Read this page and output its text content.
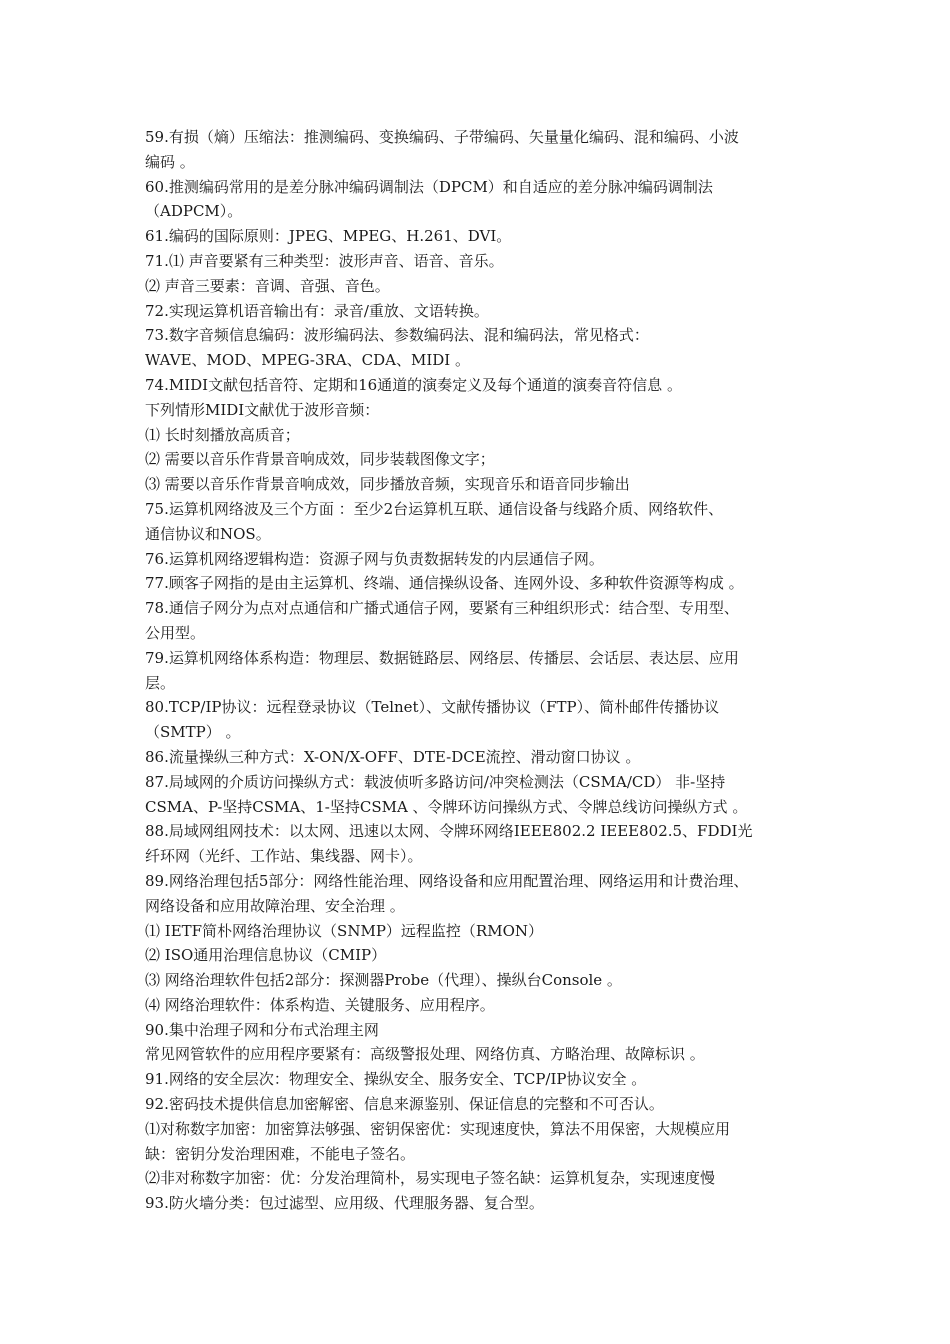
59.有损（熵）压缩法：推测编码、变换编码、子带编码、矢量量化编码、混和编码、小波
编码 。
60.推测编码常用的是差分脉冲编码调制法（DPCM）和自适应的差分脉冲编码调制法
（ADPCM）。
61.编码的国际原则：JPEG、MPEG、H.261、DVI。
71.⑴ 声音要紧有三种类型：波形声音、语音、音乐。
⑵ 声音三要素：音调、音强、音色。
72.实现运算机语音输出有：录音/重放、文语转换。
73.数字音频信息编码：波形编码法、参数编码法、混和编码法，常见格式：
WAVE、MOD、MPEG-3RA、CDA、MIDI 。
74.MIDI文献包括音符、定期和16通道的演奏定义及每个通道的演奏音符信息 。
下列情形MIDI文献优于波形音频：
⑴ 长时刻播放高质音；
⑵ 需要以音乐作背景音响成效，同步装载图像文字；
⑶ 需要以音乐作背景音响成效，同步播放音频，实现音乐和语音同步输出
75.运算机网络波及三个方面 ：至少2台运算机互联、通信设备与线路介质、网络软件、
通信协议和NOS。
76.运算机网络逻辑构造：资源子网与负责数据转发的内层通信子网。
77.顾客子网指的是由主运算机、终端、通信操纵设备、连网外设、多种软件资源等构成 。
78.通信子网分为点对点通信和广播式通信子网，要紧有三种组织形式：结合型、专用型、
公用型。
79.运算机网络体系构造：物理层、数据链路层、网络层、传播层、会话层、表达层、应用
层。
80.TCP/IP协议：远程登录协议（Telnet）、文献传播协议（FTP）、简朴邮件传播协议
（SMTP） 。
86.流量操纵三种方式：X-ON/X-OFF、DTE-DCE流控、滑动窗口协议 。
87.局域网的介质访问操纵方式：载波侦听多路访问/冲突检测法（CSMA/CD） 非-坚持
CSMA、P-坚持CSMA、1-坚持CSMA 、令牌环访问操纵方式、令牌总线访问操纵方式 。
88.局域网组网技术：以太网、迅速以太网、令牌环网络IEEE802.2 IEEE802.5、FDDI光
纤环网（光纤、工作站、集线器、网卡）。
89.网络治理包括5部分：网络性能治理、网络设备和应用配置治理、网络运用和计费治理、
网络设备和应用故障治理、安全治理 。
⑴ IETF简朴网络治理协议（SNMP）远程监控（RMON）
⑵ ISO通用治理信息协议（CMIP）
⑶ 网络治理软件包括2部分：探测器Probe（代理）、操纵台Console 。
⑷ 网络治理软件：体系构造、关键服务、应用程序。
90.集中治理子网和分布式治理主网
常见网管软件的应用程序要紧有：高级警报处理、网络仿真、方略治理、故障标识 。
91.网络的安全层次：物理安全、操纵安全、服务安全、TCP/IP协议安全 。
92.密码技术提供信息加密解密、信息来源鉴别、保证信息的完整和不可否认。
⑴对称数字加密：加密算法够强、密钥保密优：实现速度快，算法不用保密，大规模应用
缺：密钥分发治理困难，不能电子签名。
⑵非对称数字加密：优：分发治理简朴，易实现电子签名缺：运算机复杂，实现速度慢
93.防火墙分类：包过滤型、应用级、代理服务器、复合型。
